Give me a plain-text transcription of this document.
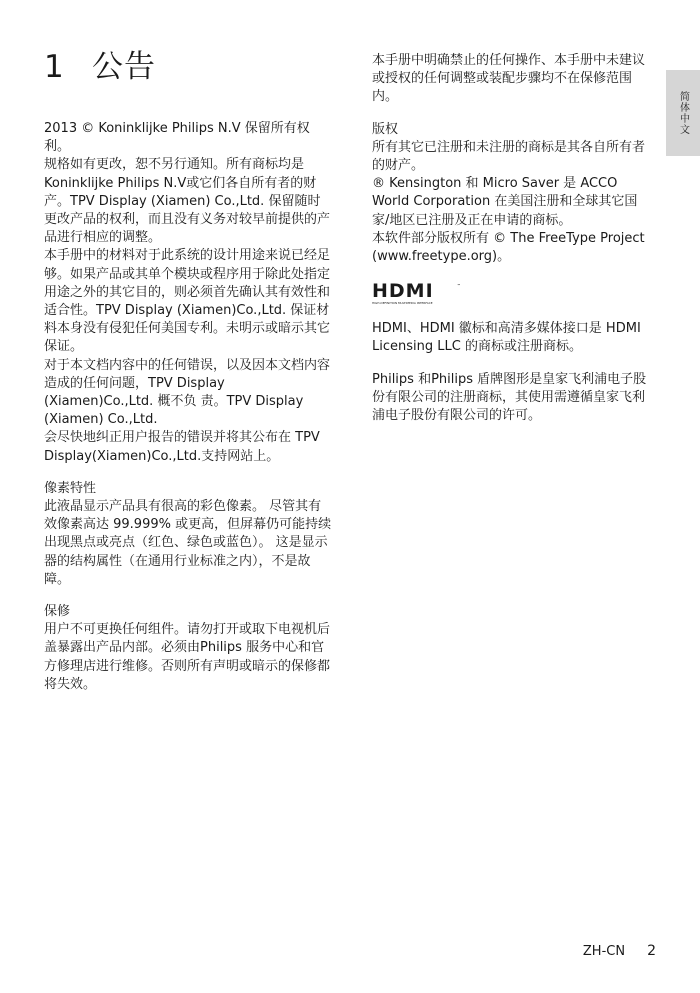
1 公告

2013 © Koninklijke Philips N.V 保留所有权利。

规格如有更改，恕不另行通知。所有商标均是Koninklijke Philips N.V或它们各自所有者的财产。TPV Display (Xiamen) Co.,Ltd. 保留随时更改产品的权利，而且没有义务对较早前提供的产品进行相应的调整。

本手册中的材料对于此系统的设计用途来说已经足够。如果产品或其单个模块或程序用于除此处指定用途之外的其它目的，则必须首先确认其有效性和适合性。TPV Display (Xiamen)Co.,Ltd. 保证材料本身没有侵犯任何美国专利。未明示或暗示其它保证。

对于本文档内容中的任何错误，以及因本文档内容造成的任何问题，TPV Display (Xiamen)Co.,Ltd. 概不负 责。TPV Display (Xiamen) Co.,Ltd.

会尽快地纠正用户报告的错误并将其公布在 TPV Display(Xiamen)Co.,Ltd.支持网站上。

像素特性

此液晶显示产品具有很高的彩色像素。 尽管其有效像素高达 99.999% 或更高，但屏幕仍可能持续出现黑点或亮点（红色、绿色或蓝色）。 这是显示器的结构属性（在通用行业标准之内），不是故障。

保修

用户不可更换任何组件。请勿打开或取下电视机后盖暴露出产品内部。必须由Philips 服务中心和官方修理店进行维修。否则所有声明或暗示的保修都将失效。

本手册中明确禁止的任何操作、本手册中未建议或授权的任何调整或装配步骤均不在保修范围内。

版权

所有其它已注册和未注册的商标是其各自所有者的财产。

® Kensington 和 Micro Saver 是 ACCO World Corporation 在美国注册和全球其它国家/地区已注册及正在申请的商标。

本软件部分版权所有 © The FreeType Project (www.freetype.org)。

HDMI	™
HIGH-DEFINITION MULTIMEDIA INTERFACE

HDMI、HDMI 徽标和高清多媒体接口是 HDMI Licensing LLC 的商标或注册商标。

Philips 和Philips 盾牌图形是皇家飞利浦电子股份有限公司的注册商标，其使用需遵循皇家飞利浦电子股份有限公司的许可。

简体中文
ZH-CN 2
